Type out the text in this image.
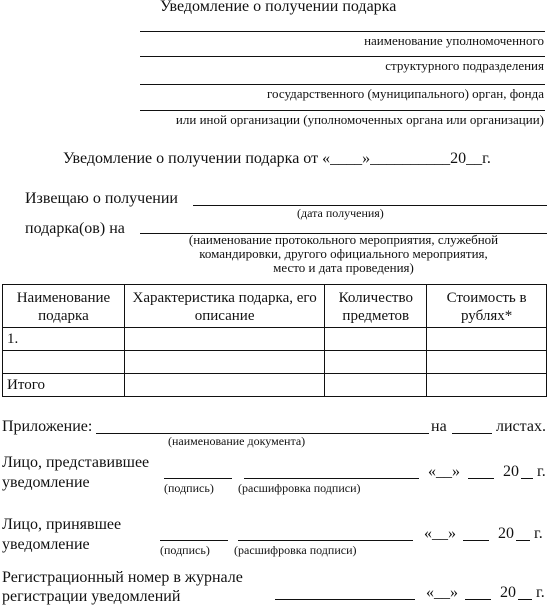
Уведомление о получении подарка
наименование уполномоченного
структурного подразделения
государственного (муниципального) орган, фонда
или иной организации (уполномоченных органа или организации)
Уведомление о получении подарка от «____»__________20__г.
Извещаю о получении
(дата получения)
подарка(ов) на
(наименование протокольного мероприятия, служебной
командировки, другого официального мероприятия,
место и дата проведения)
Наименование подарка	Характеристика подарка, его описание	Количество предметов	Стоимость в рублях*
1.			

Итого			
Приложение:	на	листах.
(наименование документа)
Лицо, представившее
уведомление
«__»	20 г.
(подпись) (расшифровка подписи)
Лицо, принявшее
уведомление
«__»	20 г.
(подпись) (расшифровка подписи)
Регистрационный номер в журнале
регистрации уведомлений	«__»	20 г.
